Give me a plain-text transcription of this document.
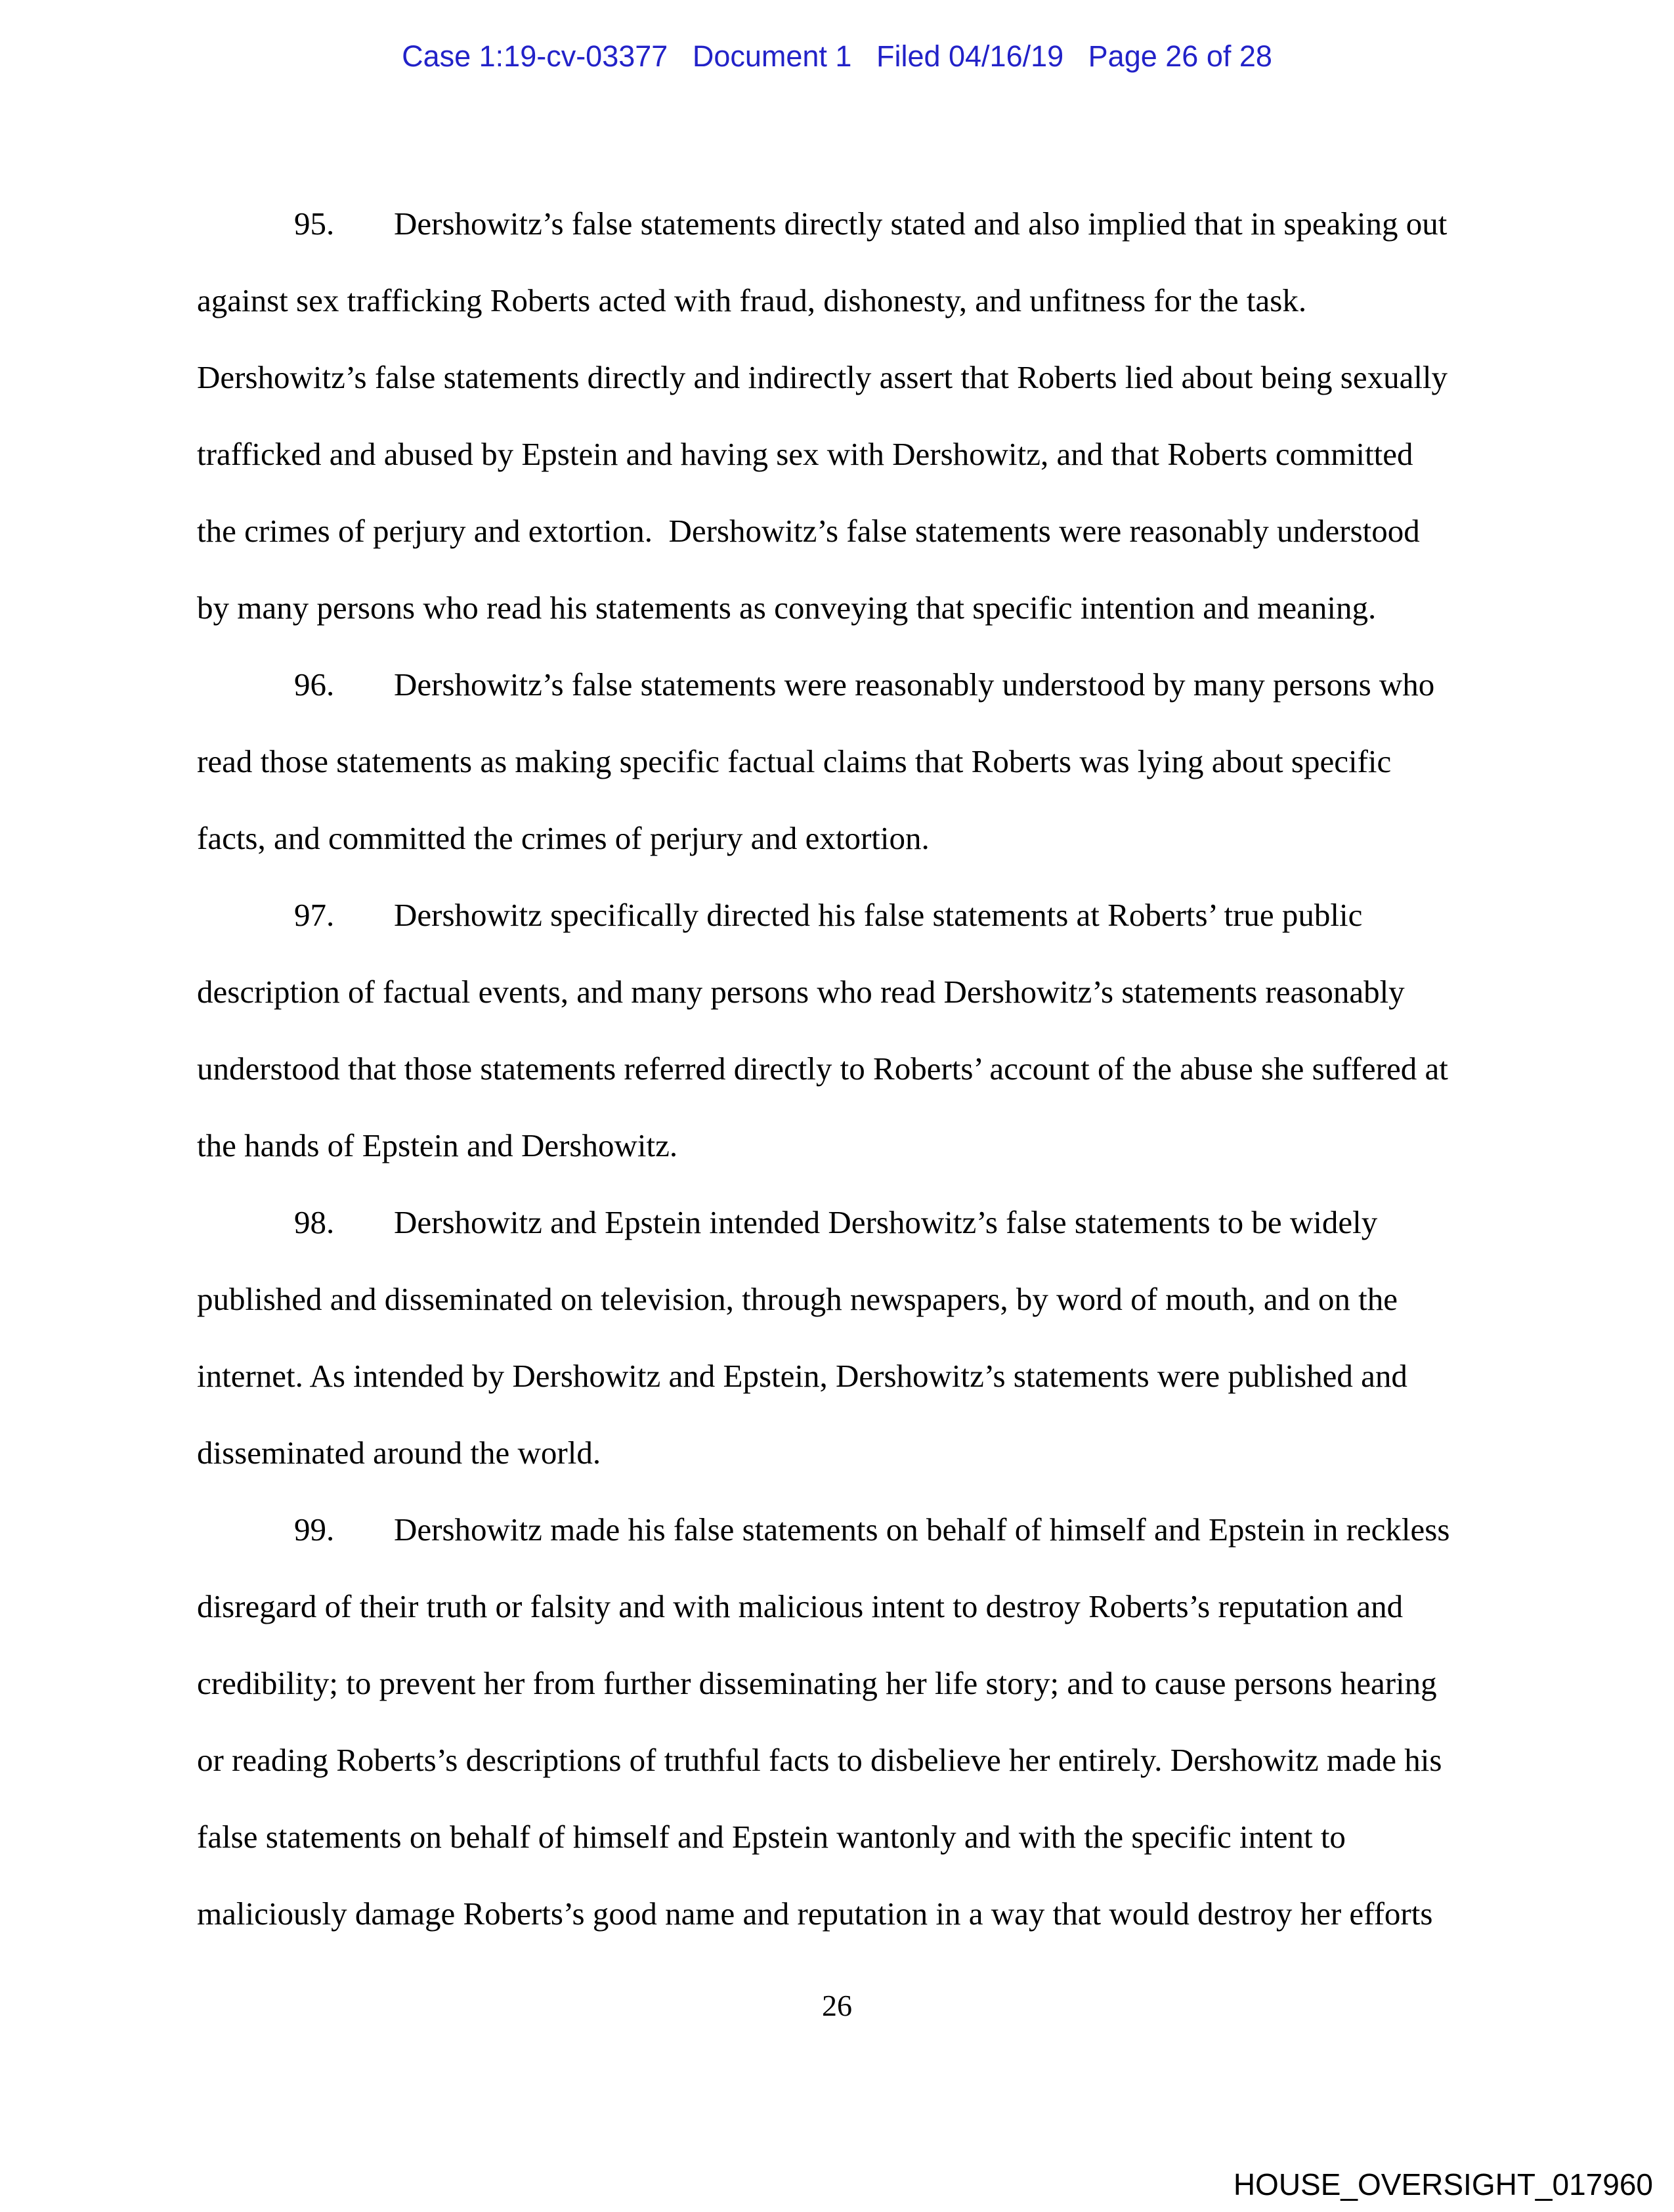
Case 1:19-cv-03377   Document 1   Filed 04/16/19   Page 26 of 28
95. Dershowitz’s false statements directly stated and also implied that in speaking out
against sex trafficking Roberts acted with fraud, dishonesty, and unfitness for the task.
Dershowitz’s false statements directly and indirectly assert that Roberts lied about being sexually
trafficked and abused by Epstein and having sex with Dershowitz, and that Roberts committed
the crimes of perjury and extortion.  Dershowitz’s false statements were reasonably understood
by many persons who read his statements as conveying that specific intention and meaning.
96. Dershowitz’s false statements were reasonably understood by many persons who
read those statements as making specific factual claims that Roberts was lying about specific
facts, and committed the crimes of perjury and extortion.
97. Dershowitz specifically directed his false statements at Roberts’ true public
description of factual events, and many persons who read Dershowitz’s statements reasonably
understood that those statements referred directly to Roberts’ account of the abuse she suffered at
the hands of Epstein and Dershowitz.
98. Dershowitz and Epstein intended Dershowitz’s false statements to be widely
published and disseminated on television, through newspapers, by word of mouth, and on the
internet. As intended by Dershowitz and Epstein, Dershowitz’s statements were published and
disseminated around the world.
99. Dershowitz made his false statements on behalf of himself and Epstein in reckless
disregard of their truth or falsity and with malicious intent to destroy Roberts’s reputation and
credibility; to prevent her from further disseminating her life story; and to cause persons hearing
or reading Roberts’s descriptions of truthful facts to disbelieve her entirely. Dershowitz made his
false statements on behalf of himself and Epstein wantonly and with the specific intent to
maliciously damage Roberts’s good name and reputation in a way that would destroy her efforts
26
HOUSE_OVERSIGHT_017960
